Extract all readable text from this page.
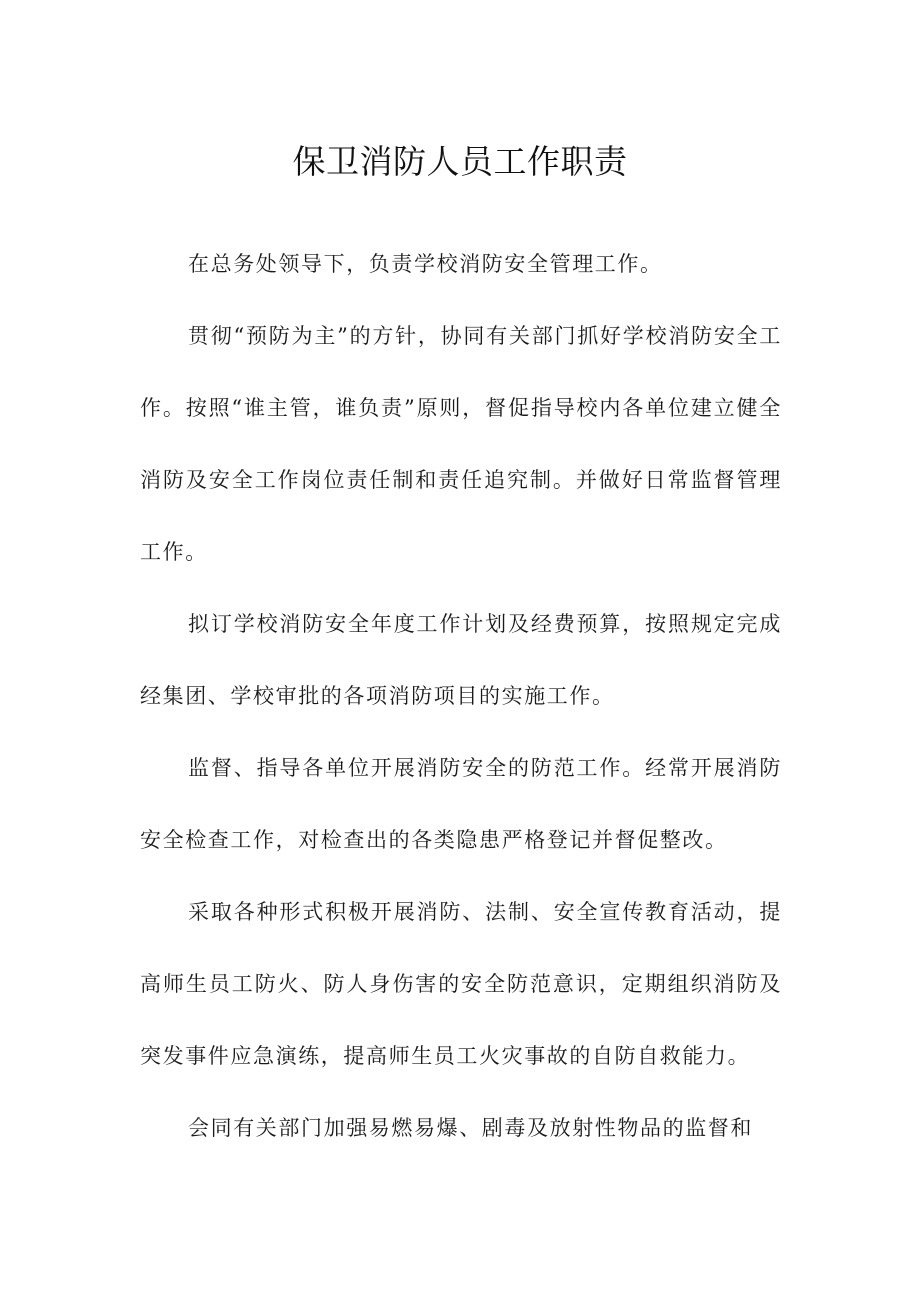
保卫消防人员工作职责

在总务处领导下，负责学校消防安全管理工作。

贯彻“预防为主”的方针，协同有关部门抓好学校消防安全工作。按照“谁主管，谁负责”原则，督促指导校内各单位建立健全消防及安全工作岗位责任制和责任追究制。并做好日常监督管理工作。

拟订学校消防安全年度工作计划及经费预算，按照规定完成经集团、学校审批的各项消防项目的实施工作。

监督、指导各单位开展消防安全的防范工作。经常开展消防安全检查工作，对检查出的各类隐患严格登记并督促整改。

采取各种形式积极开展消防、法制、安全宣传教育活动，提高师生员工防火、防人身伤害的安全防范意识，定期组织消防及突发事件应急演练，提高师生员工火灾事故的自防自救能力。

会同有关部门加强易燃易爆、剧毒及放射性物品的监督和
